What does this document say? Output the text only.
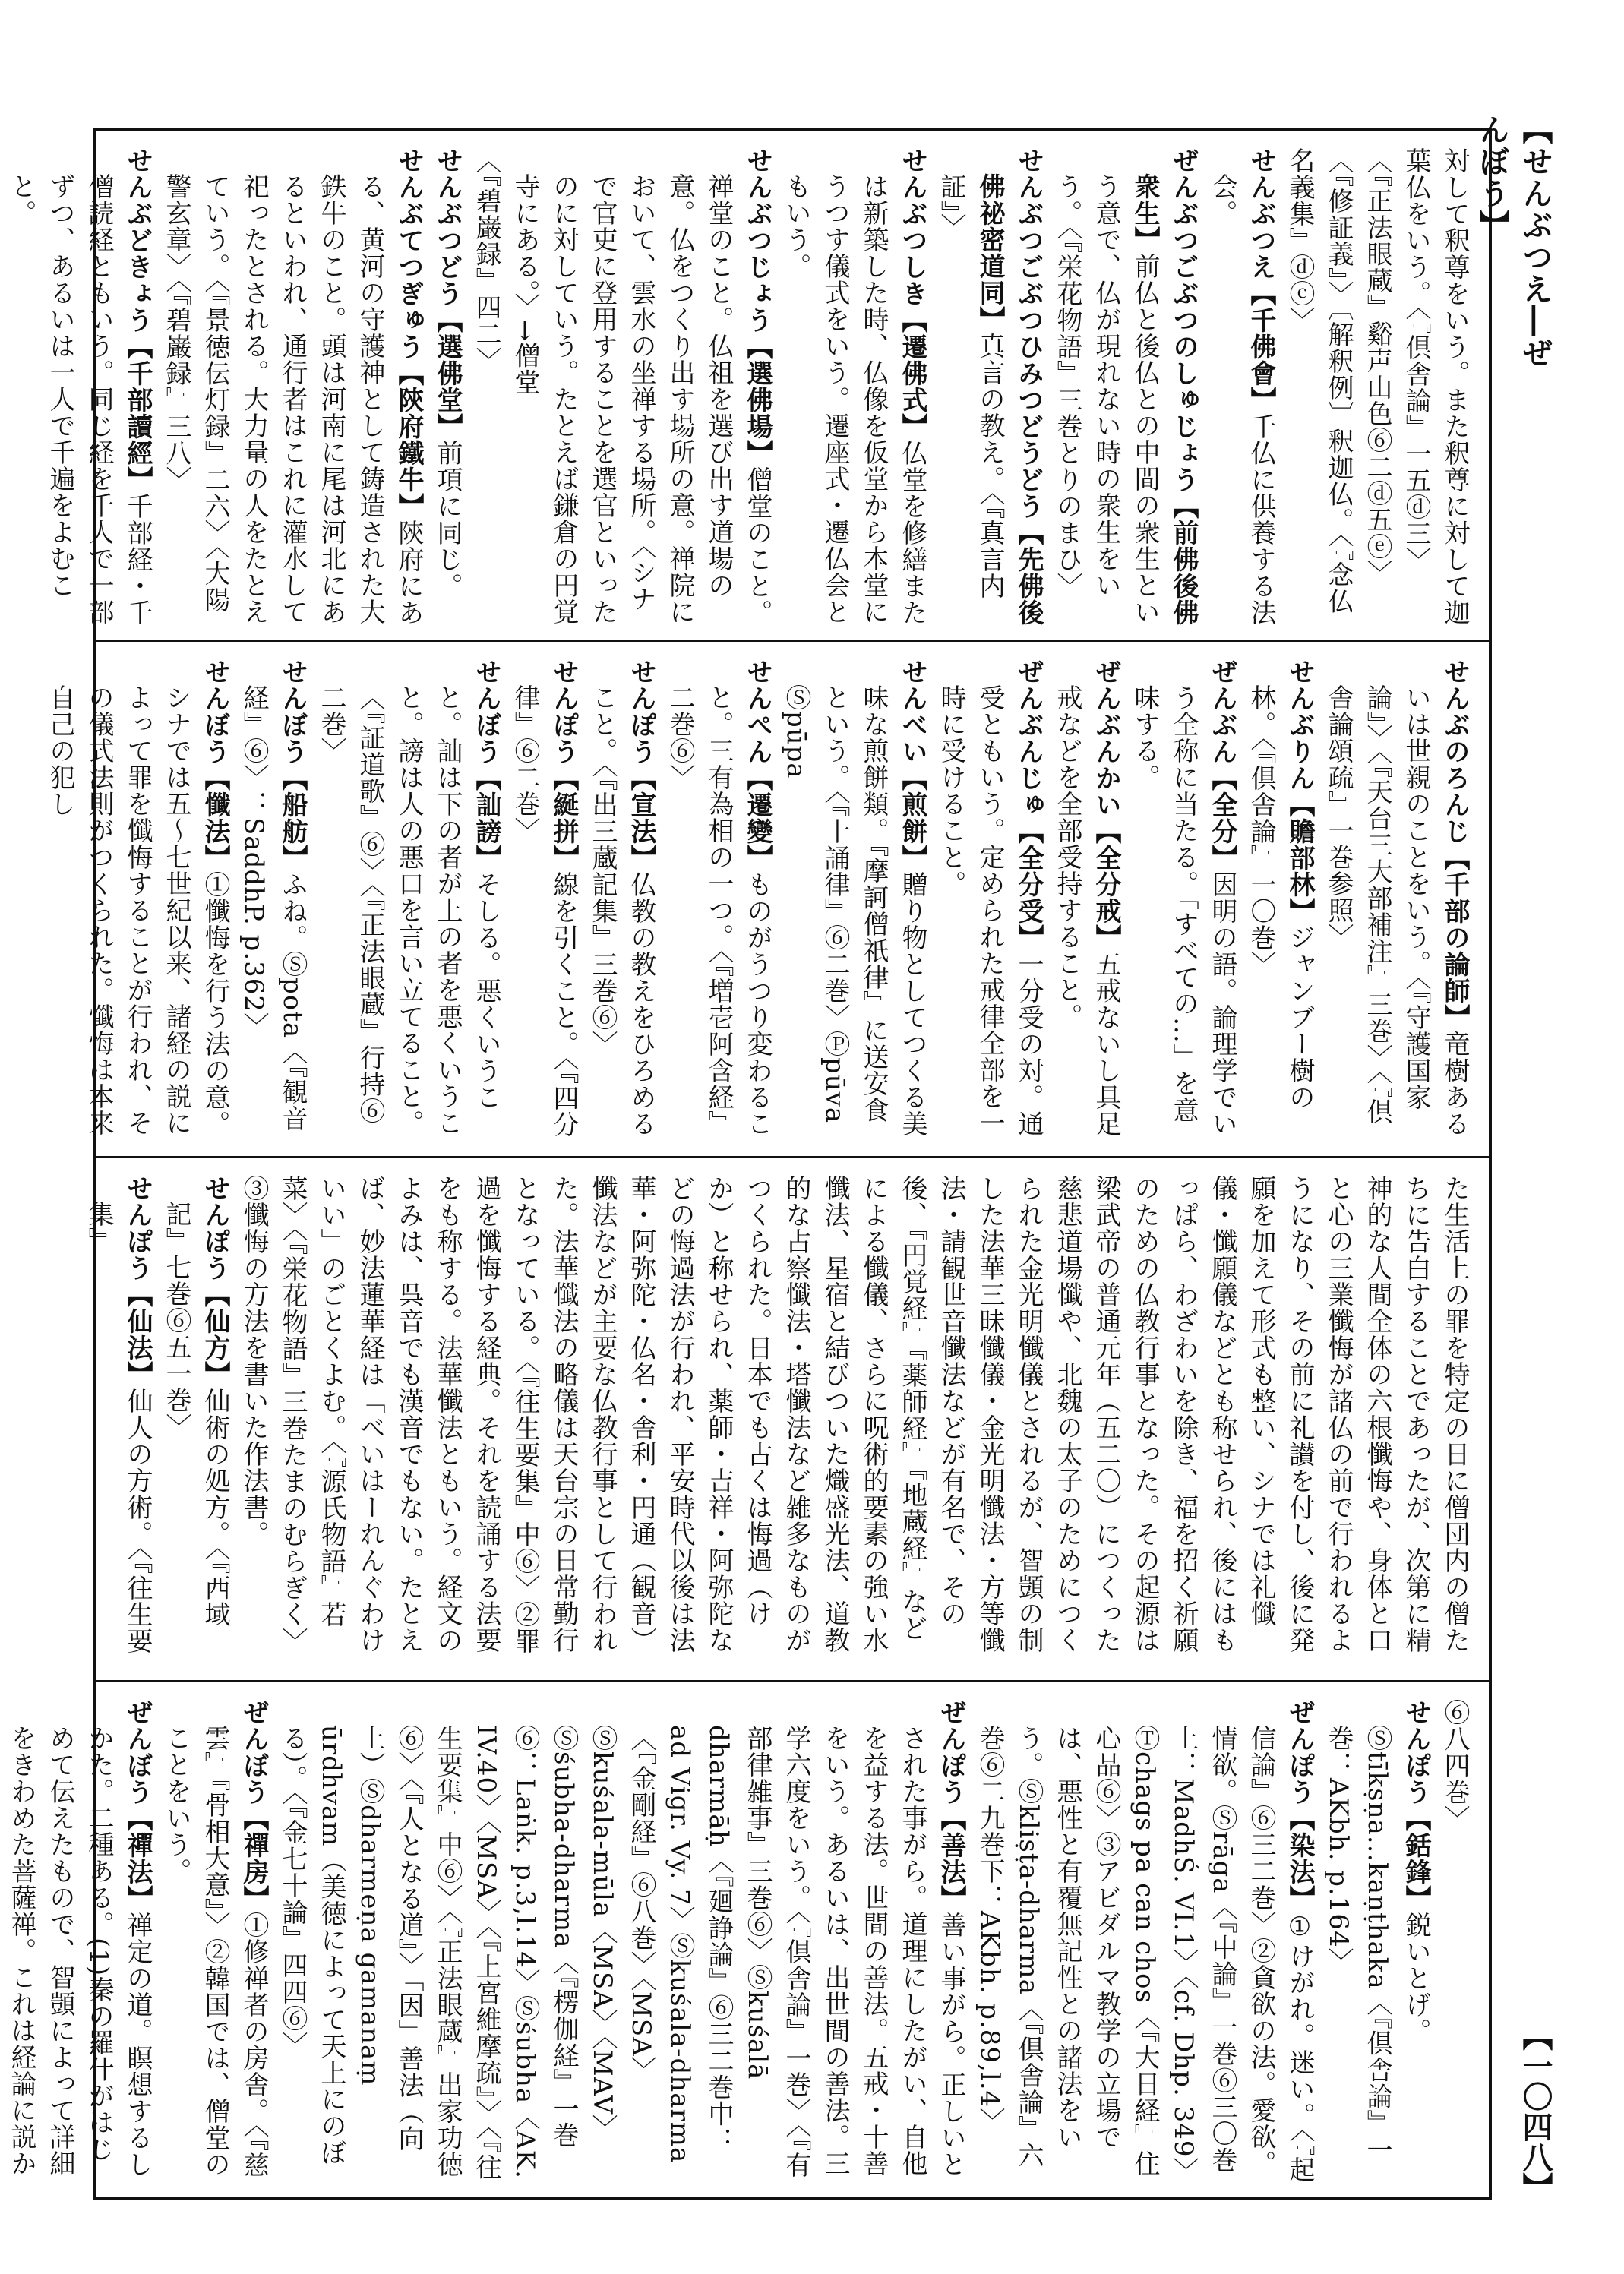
【せんぶつえ―ぜんぼう】
【一〇四八】

対して釈尊をいう。また釈尊に対して迦葉仏をいう。〈『倶舎論』一五ⓓ三〉〈『正法眼蔵』谿声山色⑥二ⓓ五ⓔ〉〈『修証義』〉〔解釈例〕釈迦仏。〈『念仏名義集』ⓓⓒ〉

せんぶつえ【千佛會】千仏に供養する法会。

ぜんぶつごぶつのしゅじょう【前佛後佛衆生】前仏と後仏との中間の衆生という意で、仏が現れない時の衆生をいう。〈『栄花物語』三巻とりのまひ〉

せんぶつごぶつひみつどうどう【先佛後佛祕密道同】真言の教え。〈『真言内証』〉

せんぶつしき【遷佛式】仏堂を修繕または新築した時、仏像を仮堂から本堂にうつす儀式をいう。遷座式・遷仏会ともいう。

せんぶつじょう【選佛場】僧堂のこと。禅堂のこと。仏祖を選び出す道場の意。仏をつくり出す場所の意。禅院において、雲水の坐禅する場所。〈シナで官吏に登用することを選官といったのに対していう。たとえば鎌倉の円覚寺にある。〉→僧堂

〈『碧巌録』四二〉

せんぶつどう【選佛堂】前項に同じ。

せんぶてつぎゅう【陝府鐵牛】陝府にある、黄河の守護神として鋳造された大鉄牛のこと。頭は河南に尾は河北にあるといわれ、通行者はこれに灌水して祀ったとされる。大力量の人をたとえていう。〈『景徳伝灯録』二六〉〈大陽警玄章〉〈『碧巌録』三八〉

せんぶどきょう【千部讀經】千部経・千僧読経ともいう。同じ経を千人で一部ずつ、あるいは一人で千遍をよむこと。

せんぶのろんじ【千部の論師】竜樹あるいは世親のことをいう。〈『守護国家論』〉〈『天台三大部補注』三巻〉〈『倶舎論頌疏』一巻参照〉

せんぶりん【贍部林】ジャンブー樹の林。〈『倶舎論』一〇巻〉

ぜんぶん【全分】因明の語。論理学でいう全称に当たる。「すべての…」を意味する。

ぜんぶんかい【全分戒】五戒ないし具足戒などを全部受持すること。

ぜんぶんじゅ【全分受】一分受の対。通受ともいう。定められた戒律全部を一時に受けること。

せんべい【煎餅】贈り物としてつくる美味な煎餅類。『摩訶僧祇律』に送安食という。〈『十誦律』⑥二巻〉Ⓟpūva Ⓢpūpa

せんぺん【遷變】ものがうつり変わること。三有為相の一つ。〈『増壱阿含経』二巻⑥〉

せんぽう【宣法】仏教の教えをひろめること。〈『出三蔵記集』三巻⑥〉

せんぽう【綖拼】線を引くこと。〈『四分律』⑥二巻〉

せんぼう【訕謗】そしる。悪くいうこと。訕は下の者が上の者を悪くいうこと。謗は人の悪口を言い立てること。〈『証道歌』⑥〉〈『正法眼蔵』行持⑥二巻〉

せんぼう【船舫】ふね。Ⓢpota〈『観音経』⑥〉：SaddhP. p.362〉

せんぼう【懺法】①懺悔を行う法の意。シナでは五〜七世紀以来、諸経の説によって罪を懺悔することが行われ、その儀式法則がつくられた。懺悔は本来自己の犯し

た生活上の罪を特定の日に僧団内の僧たちに告白することであったが、次第に精神的な人間全体の六根懺悔や、身体と口と心の三業懺悔が諸仏の前で行われるようになり、その前に礼讃を付し、後に発願を加えて形式も整い、シナでは礼懺儀・懺願儀などとも称せられ、後にはもっぱら、わざわいを除き、福を招く祈願のための仏教行事となった。その起源は梁武帝の普通元年（五二〇）につくった慈悲道場懺や、北魏の太子のためにつくられた金光明懺儀とされるが、智顗の制した法華三昧懺儀・金光明懺法・方等懺法・請観世音懺法などが有名で、その後、『円覚経』『薬師経』『地蔵経』などによる懺儀、さらに呪術的要素の強い水懺法、星宿と結びついた熾盛光法、道教的な占察懺法・塔懺法など雑多なものがつくられた。日本でも古くは悔過（けか）と称せられ、薬師・吉祥・阿弥陀などの悔過法が行われ、平安時代以後は法華・阿弥陀・仏名・舎利・円通（観音）懺法などが主要な仏教行事として行われた。法華懺法の略儀は天台宗の日常勤行となっている。〈『往生要集』中⑥〉②罪過を懺悔する経典。それを読誦する法要をも称する。法華懺法ともいう。経文のよみは、呉音でも漢音でもない。たとえば、妙法蓮華経は「べいはーれんぐわけいい」のごとくよむ。〈『源氏物語』若菜〉〈『栄花物語』三巻たまのむらぎく〉③懺悔の方法を書いた作法書。

せんぽう【仙方】仙術の処方。〈『西域記』七巻⑥五一巻〉

せんぽう【仙法】仙人の方術。〈『往生要集』

⑥八四巻〉

せんぽう【銛鋒】鋭いとげ。Ⓢtīkṣṇa...kaṇṭhaka〈『倶舎論』一巻：AKbh. p.164〉

ぜんぽう【染法】①けがれ。迷い。〈『起信論』⑥三二巻〉②貪欲の法。愛欲。情欲。Ⓢrāga〈『中論』一巻⑥三〇巻上：MadhŚ. VI.1〉〈cf. Dhp. 349〉Ⓣchags pa can chos〈『大日経』住心品⑥〉③アビダルマ教学の立場では、悪性と有覆無記性との諸法をいう。Ⓢkliṣṭa-dharma〈『倶舎論』六巻⑥二九巻下：AKbh. p.89,l.4〉

ぜんぽう【善法】善い事がら。正しいとされた事がら。道理にしたがい、自他を益する法。世間の善法。五戒・十善をいう。あるいは、出世間の善法。三学六度をいう。〈『倶舎論』一巻〉〈『有部律雑事』三巻⑥〉Ⓢkuśalā dharmāḥ〈『廻諍論』⑥三二巻中：ad Vigr. Vy. 7〉Ⓢkuśala-dharma〈『金剛経』⑥八巻〉〈MSA〉Ⓢkuśala-mūla〈MSA〉〈MAV〉Ⓢśubha-dharma〈『楞伽経』一巻⑥：Laṅk. p.3,l.14〉Ⓢśubha〈AK. IV.40〉〈MSA〉〈『上宮維摩疏』〉〈『往生要集』中⑥〉〈『正法眼蔵』出家功徳⑥〉〈『人となる道』〉「因」善法（向上）Ⓢdharmeṇa gamanaṃ ūrdhvam（美徳によって天上にのぼる）。〈『金七十論』四四⑥〉

ぜんぼう【禪房】①修禅者の房舎。〈『慈雲』『骨相大意』〉②韓国では、僧堂のことをいう。

ぜんぼう【禪法】禅定の道。瞑想するしかた。二種ある。(1)秦の羅什がはじめて伝えたもので、智顗によって詳細をきわめた菩薩禅。これは経論に説か
